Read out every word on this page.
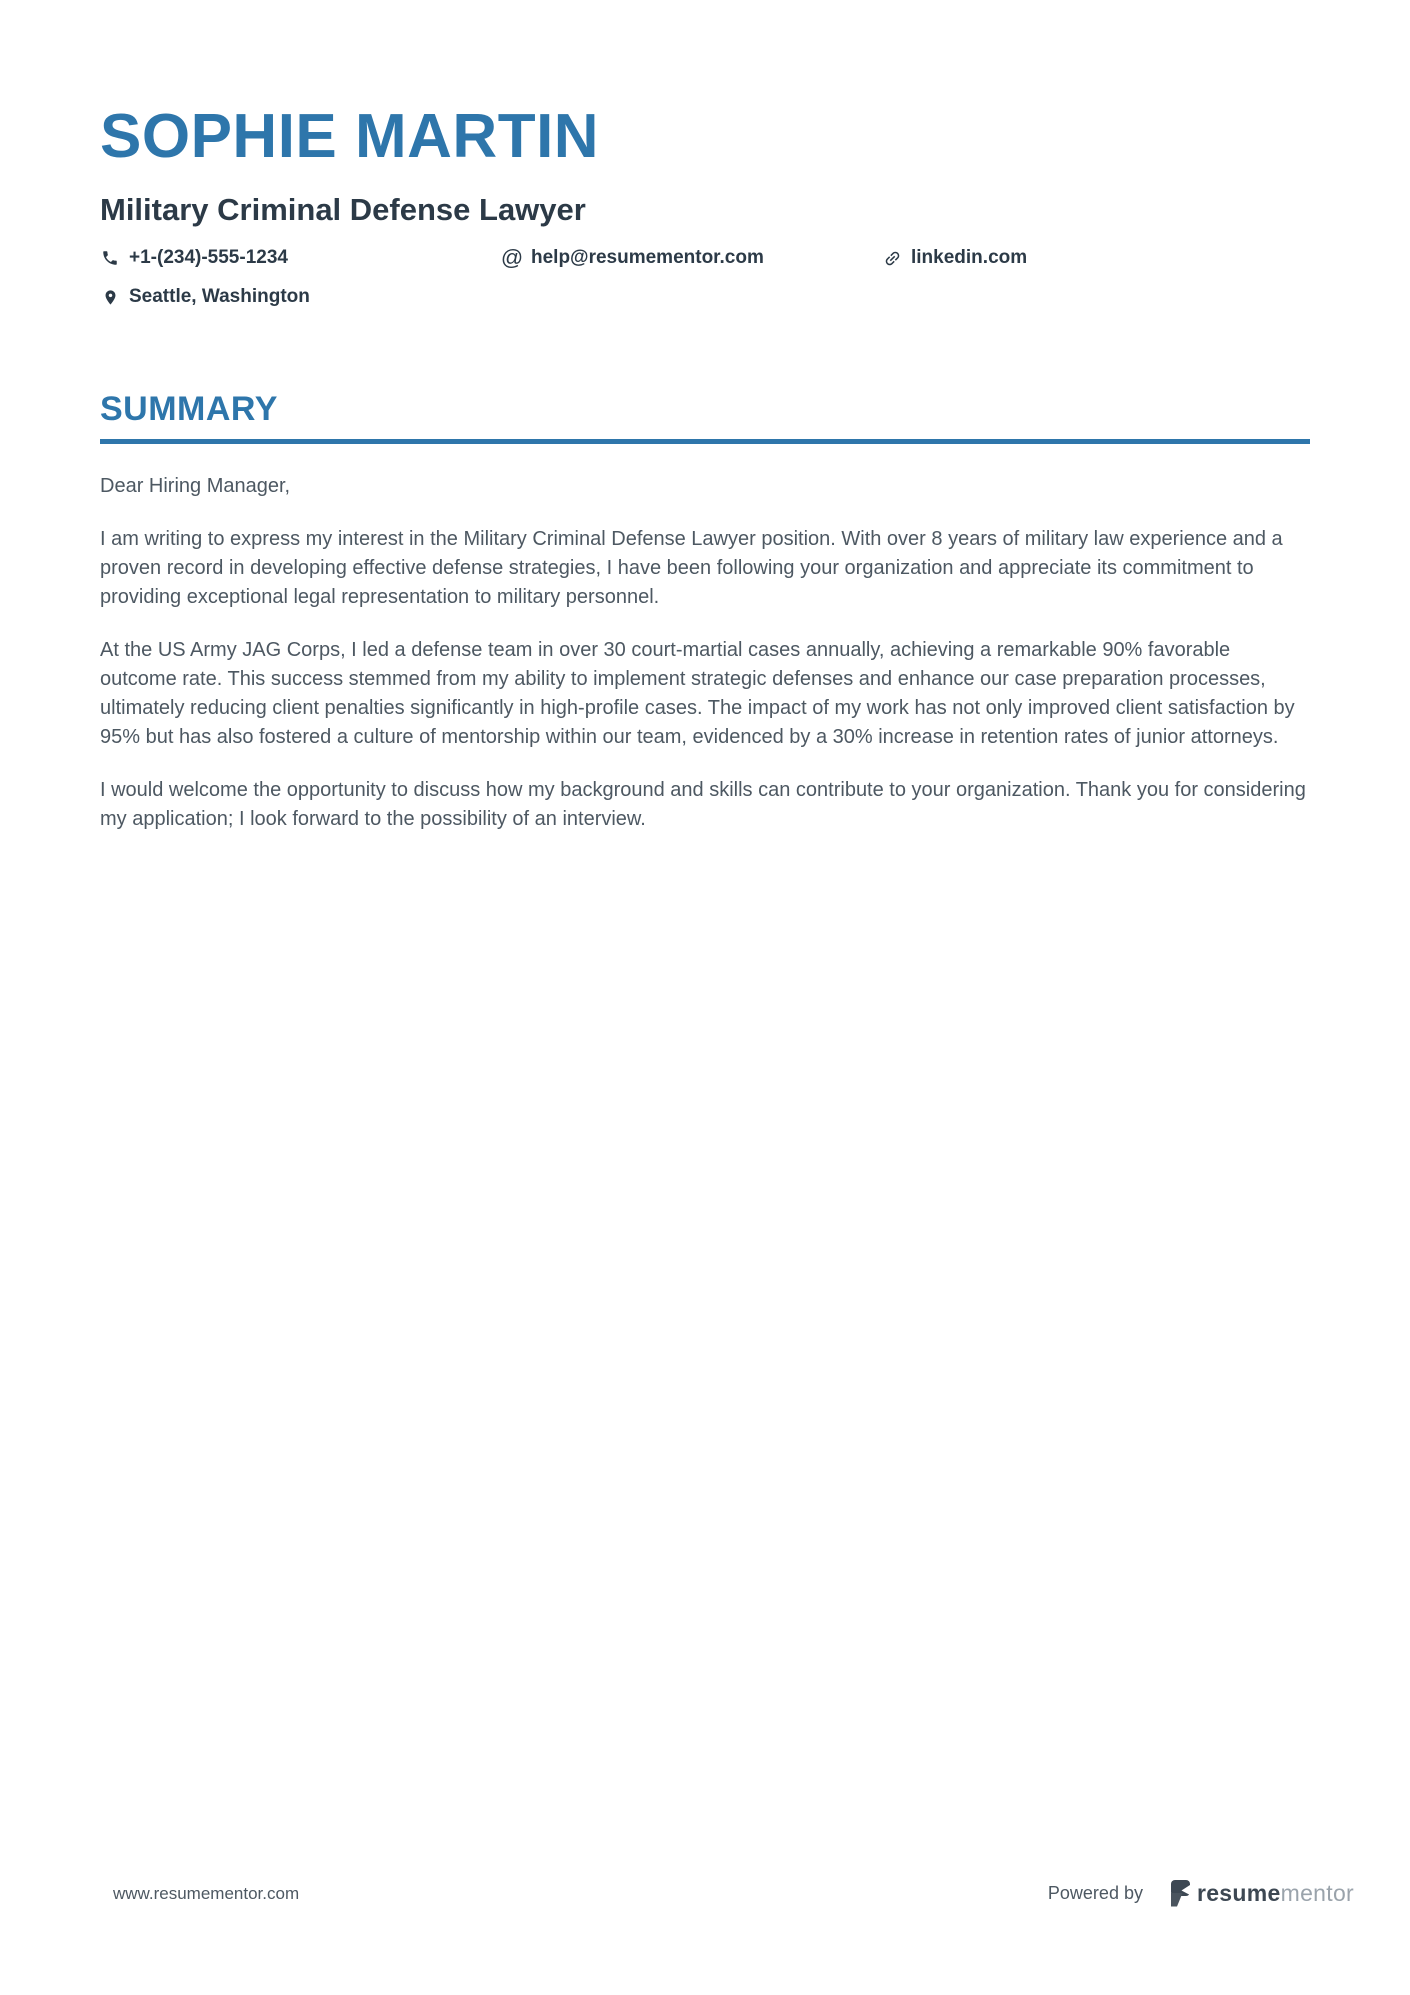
SOPHIE MARTIN
Military Criminal Defense Lawyer
+1-(234)-555-1234	@ help@resumementor.com	linkedin.com
Seattle, Washington
SUMMARY

Dear Hiring Manager,

I am writing to express my interest in the Military Criminal Defense Lawyer position. With over 8 years of military law experience and a proven record in developing effective defense strategies, I have been following your organization and appreciate its commitment to providing exceptional legal representation to military personnel.

At the US Army JAG Corps, I led a defense team in over 30 court-martial cases annually, achieving a remarkable 90% favorable outcome rate. This success stemmed from my ability to implement strategic defenses and enhance our case preparation processes, ultimately reducing client penalties significantly in high-profile cases. The impact of my work has not only improved client satisfaction by 95% but has also fostered a culture of mentorship within our team, evidenced by a 30% increase in retention rates of junior attorneys.

I would welcome the opportunity to discuss how my background and skills can contribute to your organization. Thank you for considering my application; I look forward to the possibility of an interview.

www.resumementor.com	Powered by resumementor
